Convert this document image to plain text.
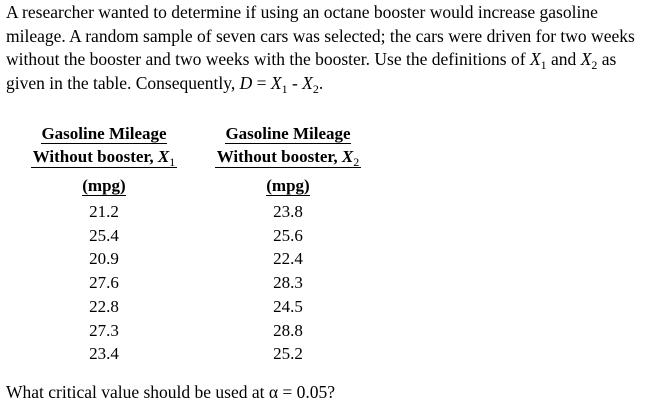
A researcher wanted to determine if using an octane booster would increase gasoline mileage. A random sample of seven cars was selected; the cars were driven for two weeks without the booster and two weeks with the booster. Use the definitions of $X_1$ and $X_2$ as given in the table. Consequently, $D = X_1 - X_2$.

Gasoline Mileage
Without booster, $X_1$
(mpg)
21.2
25.4
20.9
27.6
22.8
27.3
23.4
Gasoline Mileage
Without booster, $X_2$
(mpg)
23.8
25.6
22.4
28.3
24.5
28.8
25.2

What critical value should be used at α = 0.05?
